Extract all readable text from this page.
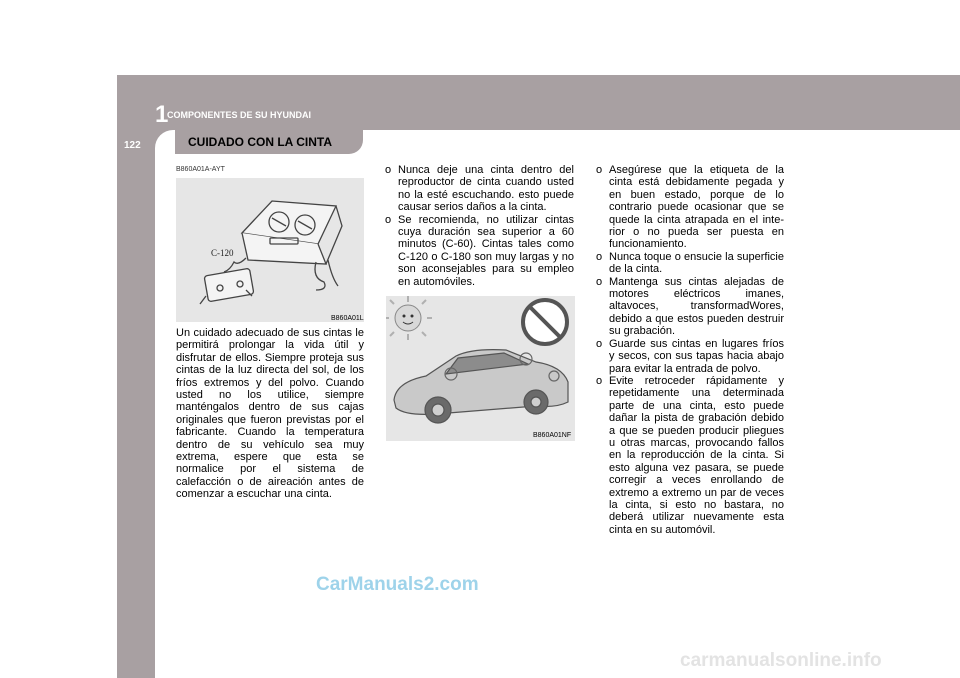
1
COMPONENTES DE SU HYUNDAI
122	CUIDADO CON LA CINTA
B860A01A-AYT
C-120
B860A01L
Un cuidado adecuado de sus cintas le permitirá prolongar la vida útil y disfrutar de ellos. Siempre proteja sus cintas de la luz directa del sol, de los fríos extremos y del polvo. Cuando usted no los utilice, siempre manténgalos dentro de sus cajas originales que fueron previstas por el fabricante. Cuando la temperatura dentro de su vehículo sea muy extrema, espere que esta se normalice por el sistema de calefacción o de aireación antes de comenzar a escuchar una cinta.
o Nunca deje una cinta dentro del reproductor de cinta cuando usted no la esté escuchando. esto puede causar serios daños a la cinta.
o Se recomienda, no utilizar cintas cuya duración sea superior a 60 minutos (C-60). Cintas tales como C-120 o C-180 son muy largas y no son aconsejables para su empleo en automóviles.
B860A01NF
o Asegúrese que la etiqueta de la cinta está debidamente pegada y en buen estado, porque de lo contrario puede ocasionar que se quede la cinta atrapada en el inte-rior o no pueda ser puesta en funcionamiento.
o Nunca toque o ensucie la superficie de la cinta.
o Mantenga sus cintas alejadas de motores eléctricos imanes, altavoces, transformadWores, debido a que estos pueden destruir su grabación.
o Guarde sus cintas en lugares fríos y secos, con sus tapas hacia abajo para evitar la entrada de polvo.
o Evite retroceder rápidamente y repetidamente una determinada parte de una cinta, esto puede dañar la pista de grabación debido a que se pueden producir pliegues u otras marcas, provocando fallos en la reproducción de la cinta. Si esto alguna vez pasara, se puede corregir a veces enrollando de extremo a extremo un par de veces la cinta, si esto no bastara, no deberá utilizar nuevamente esta cinta en su automóvil.
CarManuals2.com
carmanualsonline.info
